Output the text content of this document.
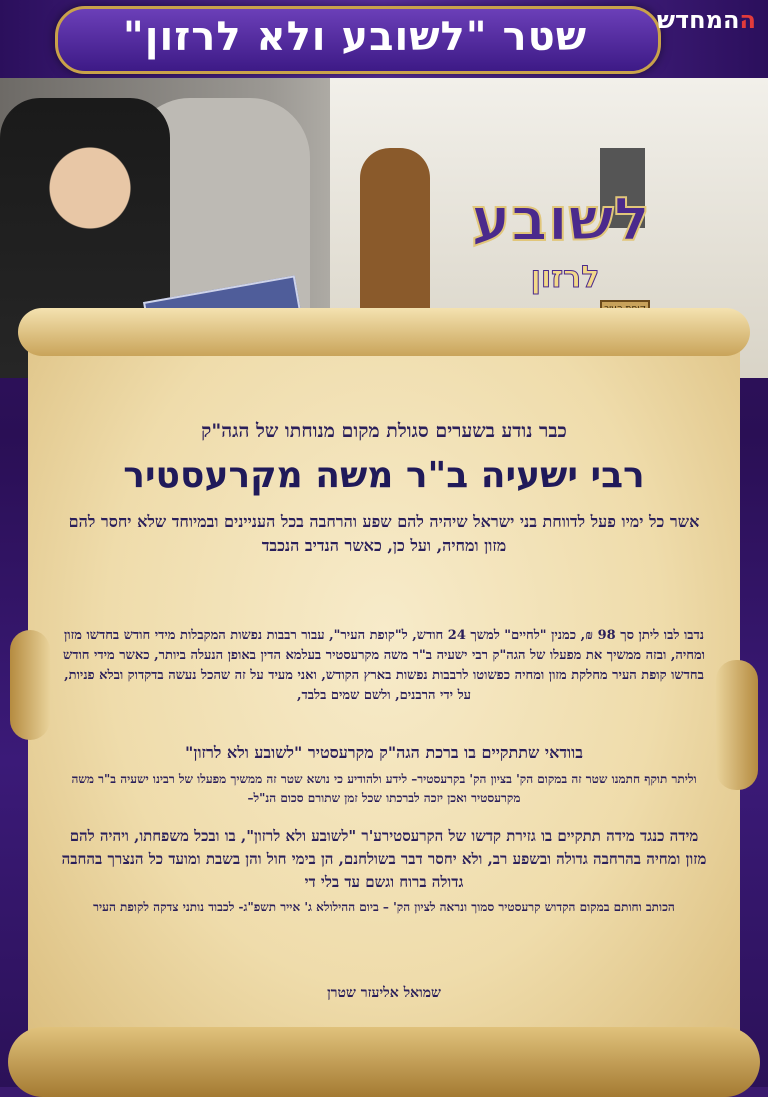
שטר "לשובע ולא לרזון"	ההמחדש
לשובע
לרזון
כבר נודע בשערים סגולת מקום מנוחתו של הגה"ק
רבי ישעיה ב"ר משה מקרעסטיר
אשר כל ימיו פעל לדווחת בני ישראל שיהיה להם שפע והרחבה בכל העניינים ובמיוחד שלא יחסר להם מזון ומחיה, ועל כן, כאשר הנדיב הנכבד
נדבו לבו ליתן סך 98 ₪, כמנין "לחיים" למשך 24 חודש, ל"קופת העיר", עבור רבבות נפשות המקבלות מידי חודש בחדשו מזון ומחיה, ובזה ממשיך את מפעלו של הגה"ק רבי ישעיה ב"ר משה מקרעסטיר בעלמא הדין באופן הנעלה ביותר, כאשר מידי חודש בחדשו קופת העיר מחלקת מזון ומחיה כפשוטו לרבבות נפשות בארץ הקודש, ואני מעיד על זה שהכל נעשה בדקדוק ובלא פניות, על ידי הרבנים, ולשם שמים בלבד,
בוודאי שתתקיים בו ברכת הגה"ק מקרעסטיר "לשובע ולא לרזון"
וליתר תוקף חתמנו שטר זה במקום הק' בציון הק' בקרעסטיר– לידע ולהודיע כי נושא שטר זה ממשיך מפעלו של רבינו ישעיה ב"ר משה מקרעסטיר ואכן יזכה לברכתו שכל זמן שתורם סכום הנ"ל–
מידה כנגד מידה תתקיים בו גזירת קדשו של הקרעסטירע'ר "לשובע ולא לרזון", בו ובכל משפחתו, ויהיה להם מזון ומחיה בהרחבה גדולה ובשפע רב, ולא יחסר דבר בשולחנם, הן בימי חול והן בשבת ומועד כל הנצרך בהחבה גדולה ברוח וגשם עד בלי די
הכותב וחותם במקום הקדוש קרעסטיר סמוך ונראה לציון הק' – ביום ההילולא ג' אייר תשפ"ג- לכבוד נותני צדקה לקופת העיר
שמואל אליעזר שטרן
